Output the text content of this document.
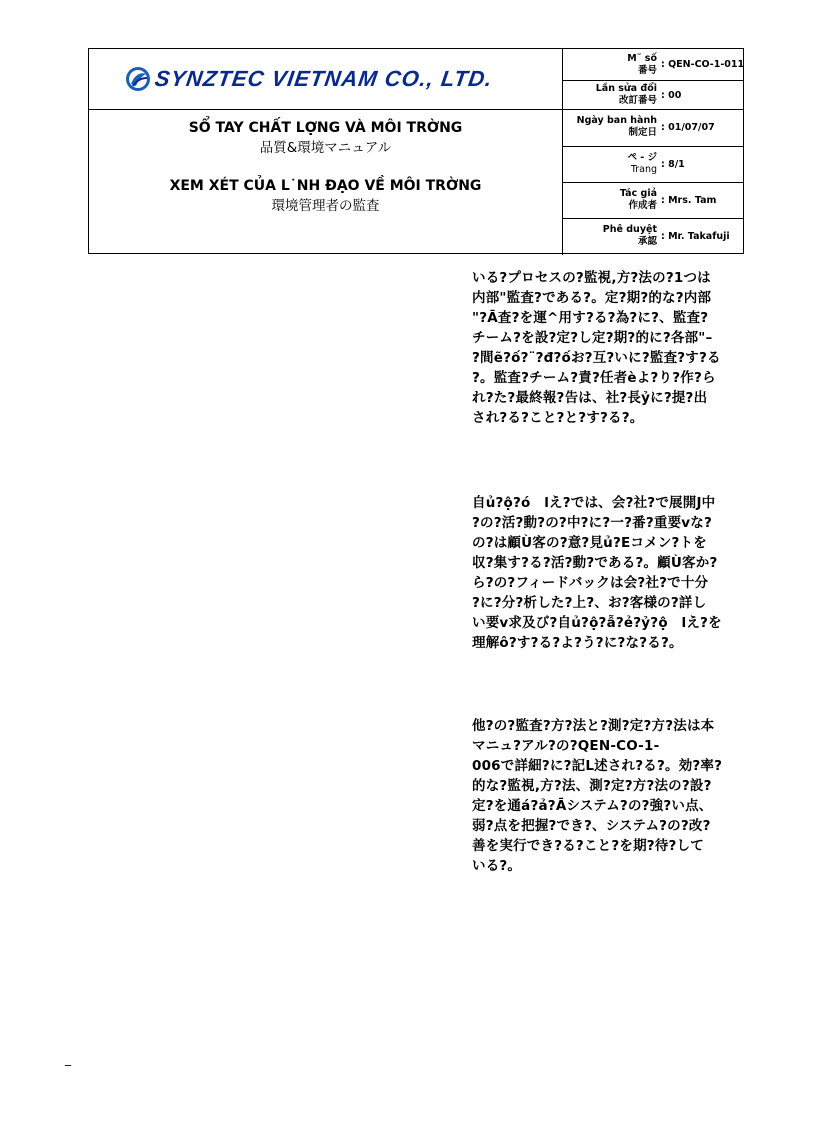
SYNZTEC VIETNAM CO., LTD.
SỔ TAY CHẤT LỢNG VÀ MÔI TRỜNG
品質&環境マニュアル
XEM XÉT CỦA L˙NH ĐẠO VỀ MÔI TRỜNG
環境管理者の監査
M˜ số
番号
: QEN-CO-1-011
Lần sửa đổi
改訂番号 : 00
Ngày ban hành
制定日 : 01/07/07
ペ - ジ
Trang : 8/1
Tác giả
作成者 : Mrs. Tam
Phê duyệt
承認 : Mr. Takafuji
いる?プロセスの?監視,方?法の?1つは
内部"監査?である?。定?期?的な?内部
"?Ā査?を運^用す?る?為?に?、監査?
チーム?を設?定?し定?期?的に?各部"–
?間ẽ?ố?¨?đ?ốお?互?いに?監査?す?る
?。監査?チーム?責?任者èよ?り?作?ら
れ?た?最終報?告は、社?長ỷに?提?出
され?る?こと?と?す?る?。
自ủ?ộ?ó　lえ?では、会?社?で展開J中
?の?活?動?の?中?に?一?番?重要vな?
の?は顧Ù客の?意?見ủ?Eコメン?トを
収?集す?る?活?動?である?。顧Ù客か?
ら?の?フィードバックは会?社?で十分
?に?分?析した?上?、お?客様の?詳し
い要v求及び?自ủ?ộ?ẫ?ẻ?ỷ?ộ　lえ?を
理解ô?す?る?よ?う?に?な?る?。
他?の?監査?方?法と?測?定?方?法は本
マニュ?アル?の?QEN-CO-1-
006で詳細?に?記L述され?る?。効?率?
的な?監視,方?法、測?定?方?法の?設?
定?を通á?ả?Āシステム?の?強?い点、
弱?点を把握?でき?、システム?の?改?
善を実行でき?る?こと?を期?待?して
いる?。
_
